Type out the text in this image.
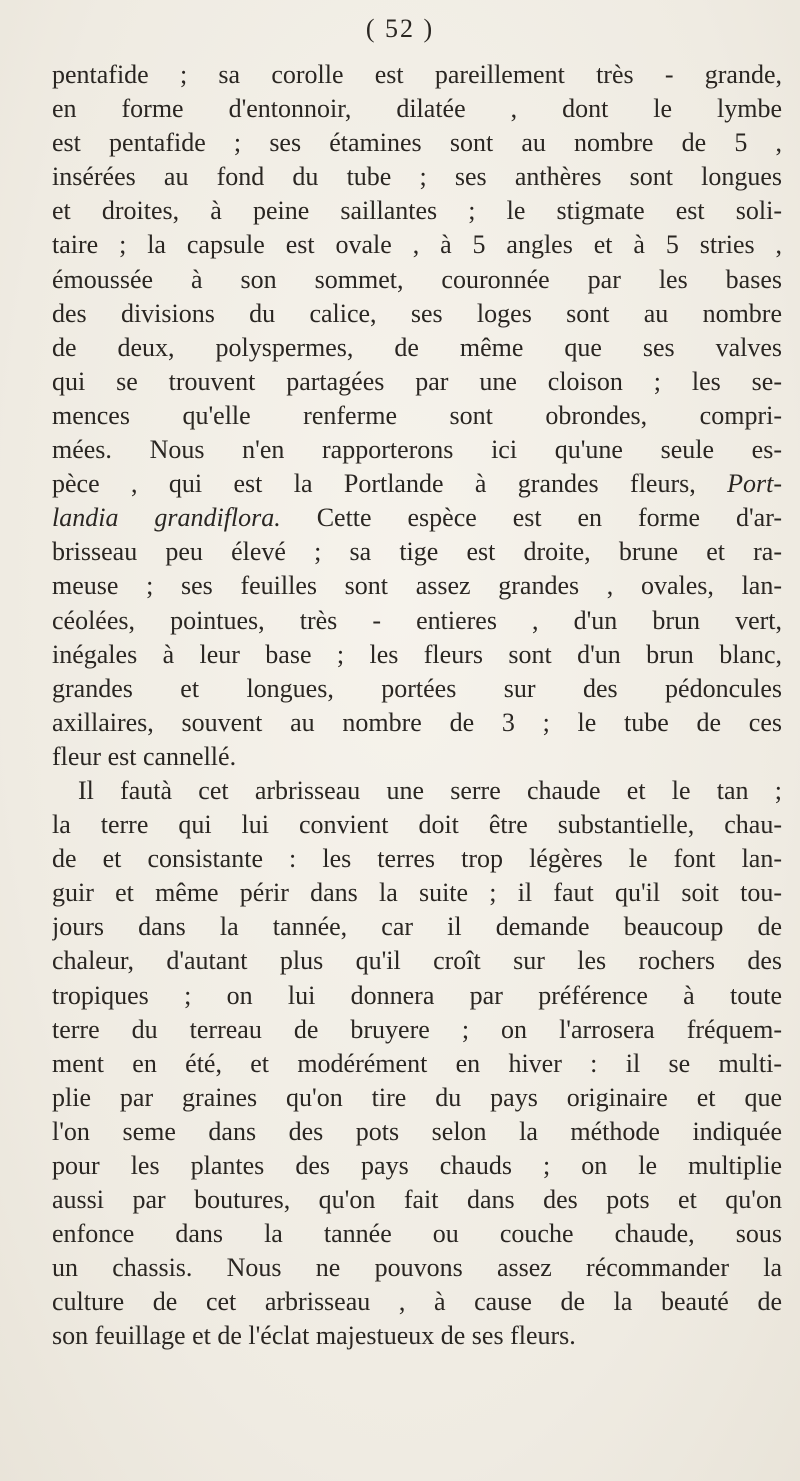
( 52 )
pentafide ; sa corolle est pareillement très - grande,
en forme d'entonnoir, dilatée , dont le lymbe
est pentafide ; ses étamines sont au nombre de 5 ,
insérées au fond du tube ; ses anthères sont longues
et droites, à peine saillantes ; le stigmate est soli-
taire ; la capsule est ovale , à 5 angles et à 5 stries ,
émoussée à son sommet, couronnée par les bases
des divisions du calice, ses loges sont au nombre
de deux, polyspermes, de même que ses valves
qui se trouvent partagées par une cloison ; les se-
mences qu'elle renferme sont obrondes, compri-
mées. Nous n'en rapporterons ici qu'une seule es-
pèce , qui est la Portlande à grandes fleurs, Port-
landia grandiflora. Cette espèce est en forme d'ar-
brisseau peu élevé ; sa tige est droite, brune et ra-
meuse ; ses feuilles sont assez grandes , ovales, lan-
céolées, pointues, très - entieres , d'un brun vert,
inégales à leur base ; les fleurs sont d'un brun blanc,
grandes et longues, portées sur des pédoncules
axillaires, souvent au nombre de 3 ; le tube de ces
fleur est cannellé.
Il fautà cet arbrisseau une serre chaude et le tan ;
la terre qui lui convient doit être substantielle, chau-
de et consistante : les terres trop légères le font lan-
guir et même périr dans la suite ; il faut qu'il soit tou-
jours dans la tannée, car il demande beaucoup de
chaleur, d'autant plus qu'il croît sur les rochers des
tropiques ; on lui donnera par préférence à toute
terre du terreau de bruyere ; on l'arrosera fréquem-
ment en été, et modérément en hiver : il se multi-
plie par graines qu'on tire du pays originaire et que
l'on seme dans des pots selon la méthode indiquée
pour les plantes des pays chauds ; on le multiplie
aussi par boutures, qu'on fait dans des pots et qu'on
enfonce dans la tannée ou couche chaude, sous
un chassis. Nous ne pouvons assez récommander la
culture de cet arbrisseau , à cause de la beauté de
son feuillage et de l'éclat majestueux de ses fleurs.
